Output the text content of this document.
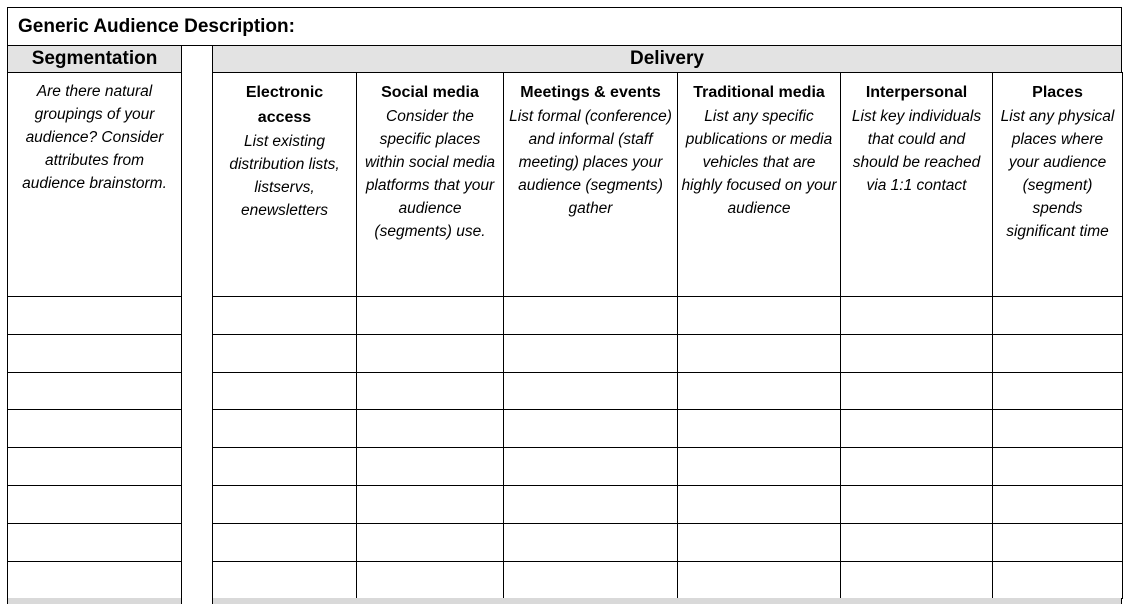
Generic Audience Description:
Segmentation	Delivery
Are there natural groupings of your audience? Consider attributes from audience brainstorm.
Electronic access
List existing distribution lists, listservs, enewsletters
Social media
Consider the specific places within social media platforms that your audience (segments) use.
Meetings & events
List formal (conference) and informal (staff meeting) places your audience (segments) gather
Traditional media
List any specific publications or media vehicles that are highly focused on your audience
Interpersonal
List key individuals that could and should be reached via 1:1 contact
Places
List any physical places where your audience (segment) spends significant time
